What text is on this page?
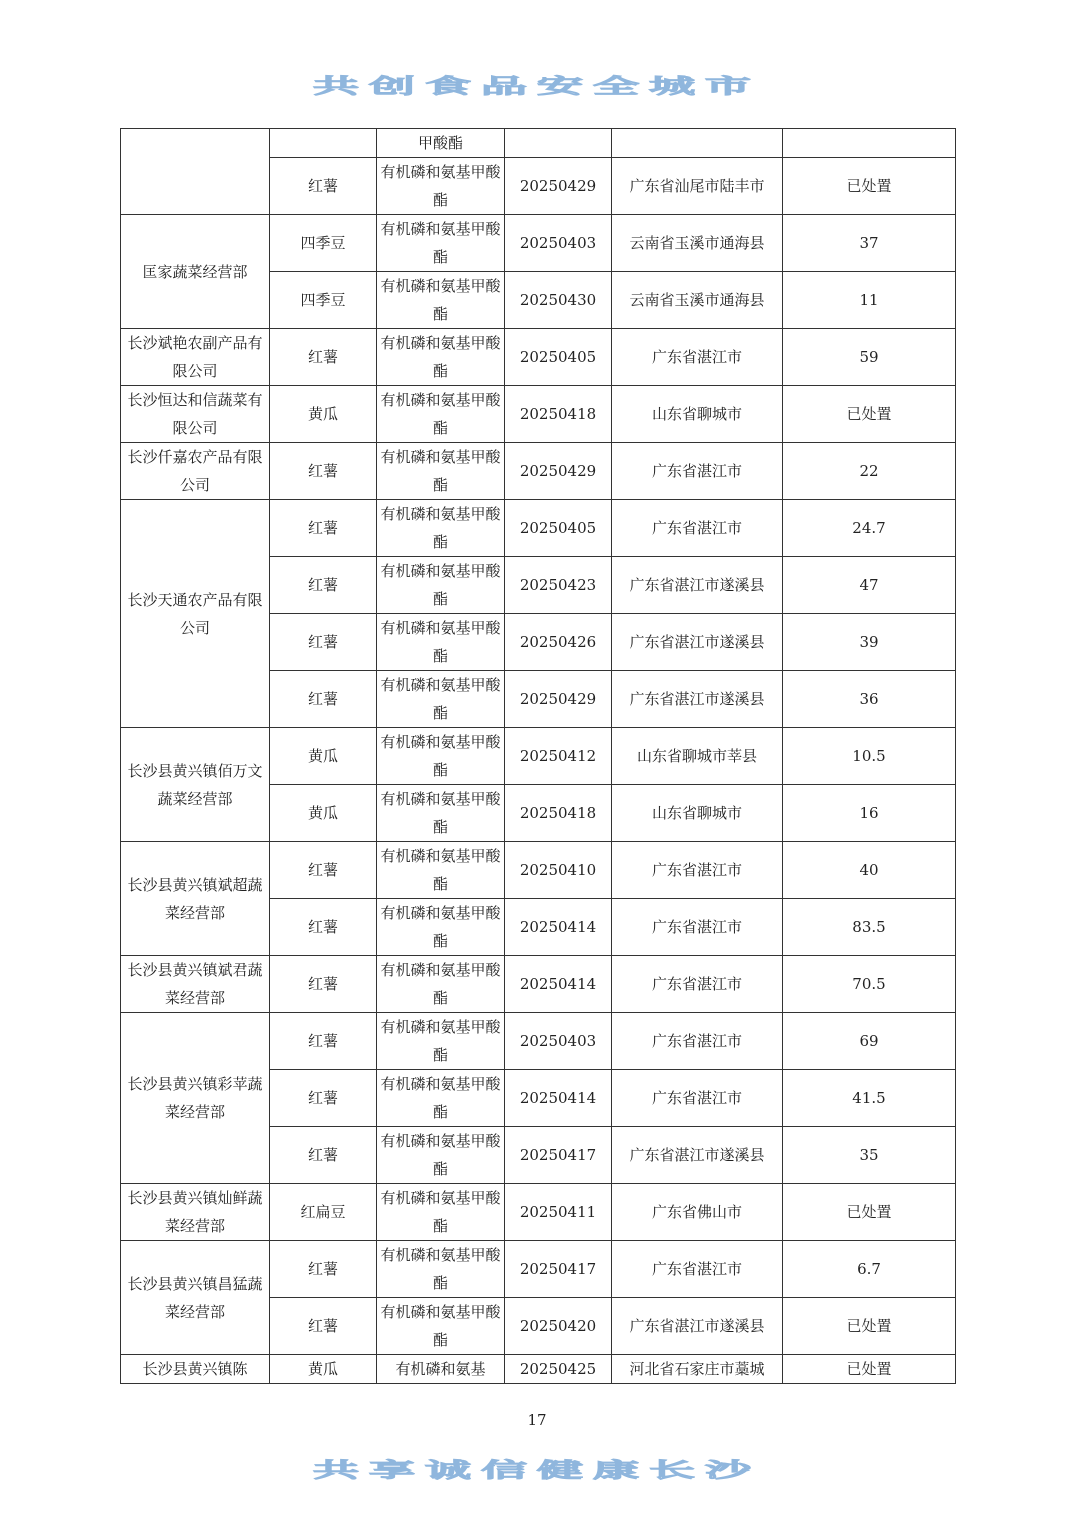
共创食品安全城市
		甲酸酯			
	红薯	有机磷和氨基甲酸酯	20250429	广东省汕尾市陆丰市	已处置
匡家蔬菜经营部	四季豆	有机磷和氨基甲酸酯	20250403	云南省玉溪市通海县	37
	四季豆	有机磷和氨基甲酸酯	20250430	云南省玉溪市通海县	11
长沙斌艳农副产品有限公司	红薯	有机磷和氨基甲酸酯	20250405	广东省湛江市	59
长沙恒达和信蔬菜有限公司	黄瓜	有机磷和氨基甲酸酯	20250418	山东省聊城市	已处置
长沙仟嘉农产品有限公司	红薯	有机磷和氨基甲酸酯	20250429	广东省湛江市	22
长沙天通农产品有限公司	红薯	有机磷和氨基甲酸酯	20250405	广东省湛江市	24.7
	红薯	有机磷和氨基甲酸酯	20250423	广东省湛江市遂溪县	47
	红薯	有机磷和氨基甲酸酯	20250426	广东省湛江市遂溪县	39
	红薯	有机磷和氨基甲酸酯	20250429	广东省湛江市遂溪县	36
长沙县黄兴镇佰万文蔬菜经营部	黄瓜	有机磷和氨基甲酸酯	20250412	山东省聊城市莘县	10.5
	黄瓜	有机磷和氨基甲酸酯	20250418	山东省聊城市	16
长沙县黄兴镇斌超蔬菜经营部	红薯	有机磷和氨基甲酸酯	20250410	广东省湛江市	40
	红薯	有机磷和氨基甲酸酯	20250414	广东省湛江市	83.5
长沙县黄兴镇斌君蔬菜经营部	红薯	有机磷和氨基甲酸酯	20250414	广东省湛江市	70.5
长沙县黄兴镇彩苹蔬菜经营部	红薯	有机磷和氨基甲酸酯	20250403	广东省湛江市	69
	红薯	有机磷和氨基甲酸酯	20250414	广东省湛江市	41.5
	红薯	有机磷和氨基甲酸酯	20250417	广东省湛江市遂溪县	35
长沙县黄兴镇灿鲜蔬菜经营部	红扁豆	有机磷和氨基甲酸酯	20250411	广东省佛山市	已处置
长沙县黄兴镇昌猛蔬菜经营部	红薯	有机磷和氨基甲酸酯	20250417	广东省湛江市	6.7
	红薯	有机磷和氨基甲酸酯	20250420	广东省湛江市遂溪县	已处置
长沙县黄兴镇陈	黄瓜	有机磷和氨基	20250425	河北省石家庄市藁城	已处置
17
共享诚信健康长沙
